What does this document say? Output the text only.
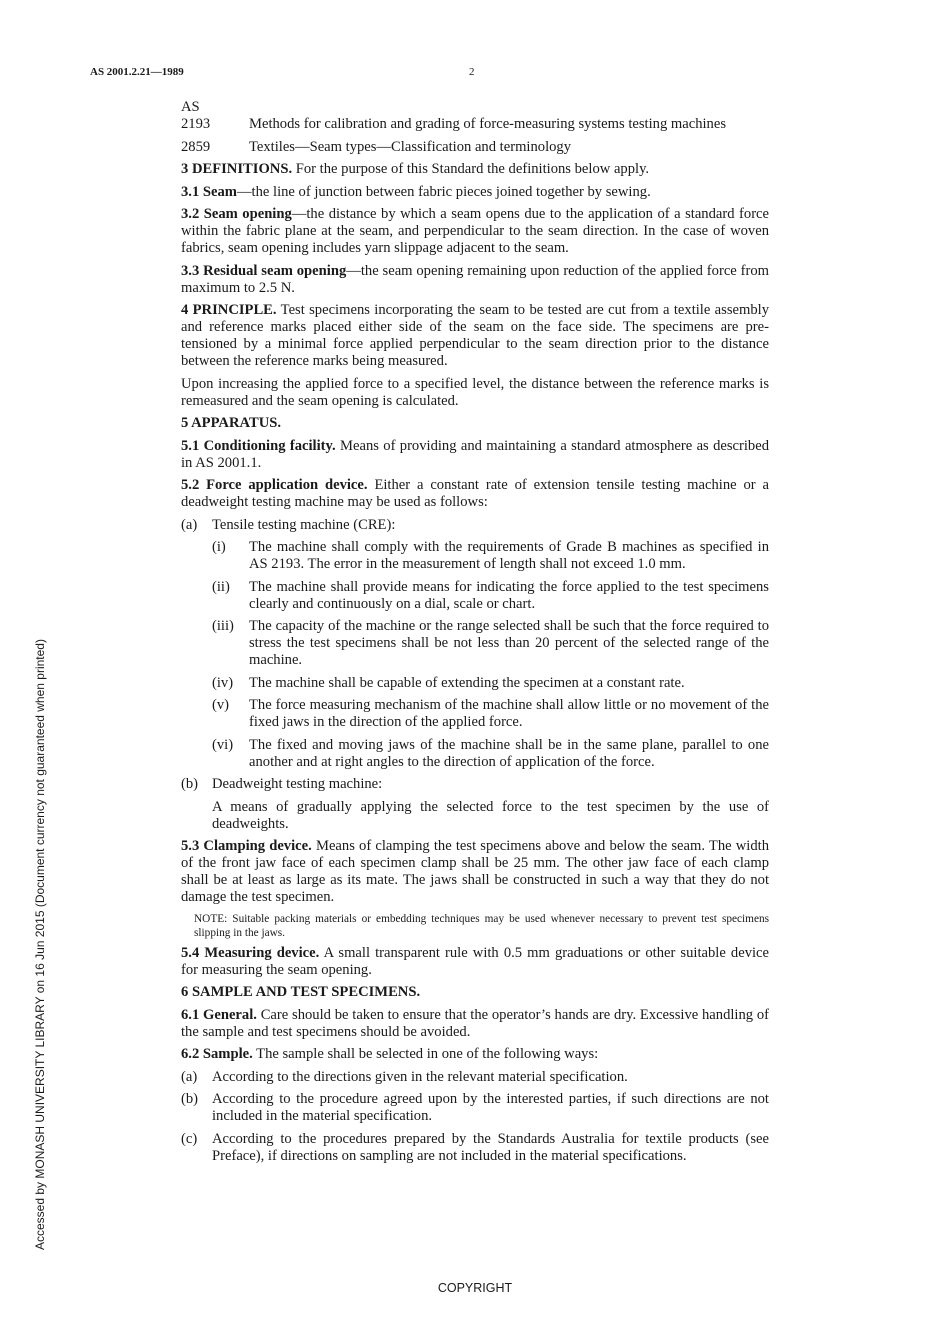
AS 2001.2.21—1989	2
Accessed by MONASH UNIVERSITY LIBRARY on 16 Jun 2015 (Document currency not guaranteed when printed)
AS
2193	Methods for calibration and grading of force-measuring systems testing machines
2859	Textiles—Seam types—Classification and terminology

3 DEFINITIONS. For the purpose of this Standard the definitions below apply.

3.1 Seam—the line of junction between fabric pieces joined together by sewing.

3.2 Seam opening—the distance by which a seam opens due to the application of a standard force within the fabric plane at the seam, and perpendicular to the seam direction. In the case of woven fabrics, seam opening includes yarn slippage adjacent to the seam.

3.3 Residual seam opening—the seam opening remaining upon reduction of the applied force from maximum to 2.5 N.

4 PRINCIPLE. Test specimens incorporating the seam to be tested are cut from a textile assembly and reference marks placed either side of the seam on the face side. The specimens are pre-tensioned by a minimal force applied perpendicular to the seam direction prior to the distance between the reference marks being measured.

Upon increasing the applied force to a specified level, the distance between the reference marks is remeasured and the seam opening is calculated.

5 APPARATUS.

5.1 Conditioning facility. Means of providing and maintaining a standard atmosphere as described in AS 2001.1.

5.2 Force application device. Either a constant rate of extension tensile testing machine or a deadweight testing machine may be used as follows:

(a)	Tensile testing machine (CRE):
(i)	The machine shall comply with the requirements of Grade B machines as specified in AS 2193. The error in the measurement of length shall not exceed 1.0 mm.
(ii)	The machine shall provide means for indicating the force applied to the test specimens clearly and continuously on a dial, scale or chart.
(iii)	The capacity of the machine or the range selected shall be such that the force required to stress the test specimens shall be not less than 20 percent of the selected range of the machine.
(iv)	The machine shall be capable of extending the specimen at a constant rate.
(v)	The force measuring mechanism of the machine shall allow little or no movement of the fixed jaws in the direction of the applied force.
(vi)	The fixed and moving jaws of the machine shall be in the same plane, parallel to one another and at right angles to the direction of application of the force.
(b) Deadweight testing machine:

A means of gradually applying the selected force to the test specimen by the use of deadweights.

5.3 Clamping device. Means of clamping the test specimens above and below the seam. The width of the front jaw face of each specimen clamp shall be 25 mm. The other jaw face of each clamp shall be at least as large as its mate. The jaws shall be constructed in such a way that they do not damage the test specimen.

NOTE: Suitable packing materials or embedding techniques may be used whenever necessary to prevent test specimens slipping in the jaws.

5.4 Measuring device. A small transparent rule with 0.5 mm graduations or other suitable device for measuring the seam opening.

6 SAMPLE AND TEST SPECIMENS.

6.1 General. Care should be taken to ensure that the operator’s hands are dry. Excessive handling of the sample and test specimens should be avoided.

6.2 Sample. The sample shall be selected in one of the following ways:

(a)	According to the directions given in the relevant material specification.
(b) According to the procedure agreed upon by the interested parties, if such directions are not included in the material specification.
(c)	According to the procedures prepared by the Standards Australia for textile products (see Preface), if directions on sampling are not included in the material specifications.
COPYRIGHT
